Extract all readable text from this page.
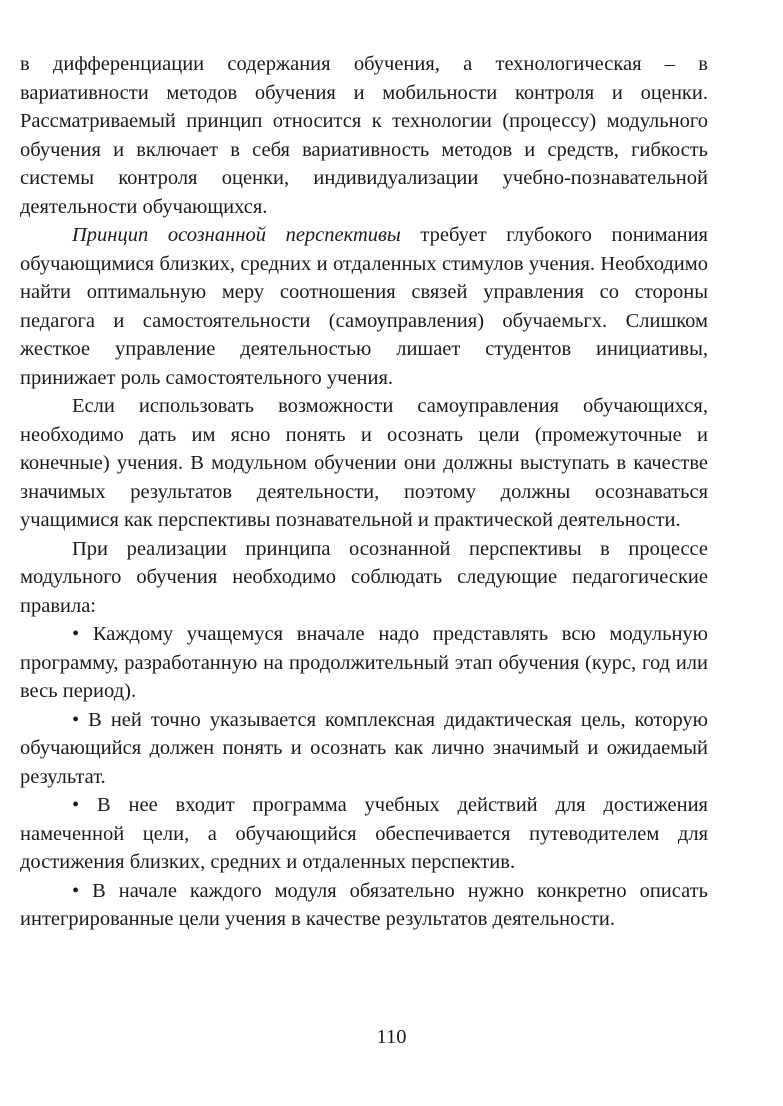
в дифференциации содержания обучения, а технологическая – в вариативности методов обучения и мобильности контроля и оценки. Рассматриваемый принцип относится к технологии (процессу) модульного обучения и включает в себя вариативность методов и средств, гибкость системы контроля оценки, индивидуализации учебно-познавательной деятельности обучающихся.

Принцип осознанной перспективы требует глубокого понимания обучающимися близких, средних и отдаленных стимулов учения. Необходимо найти оптимальную меру соотношения связей управления со стороны педагога и самостоятельности (самоуправления) обучаемьгх. Слишком жесткое управление деятельностью лишает студентов инициативы, принижает роль самостоятельного учения.

Если использовать возможности самоуправления обучающихся, необходимо дать им ясно понять и осознать цели (промежуточные и конечные) учения. В модульном обучении они должны выступать в качестве значимых результатов деятельности, поэтому должны осознаваться учащимися как перспективы познавательной и практической деятельности.

При реализации принципа осознанной перспективы в процессе модульного обучения необходимо соблюдать следующие педагогические правила:

• Каждому учащемуся вначале надо представлять всю модульную программу, разработанную на продолжительный этап обучения (курс, год или весь период).

• В ней точно указывается комплексная дидактическая цель, которую обучающийся должен понять и осознать как лично значимый и ожидаемый результат.

• В нее входит программа учебных действий для достижения намеченной цели, а обучающийся обеспечивается путеводителем для достижения близких, средних и отдаленных перспектив.

• В начале каждого модуля обязательно нужно конкретно описать интегрированные цели учения в качестве результатов деятельности.

110
